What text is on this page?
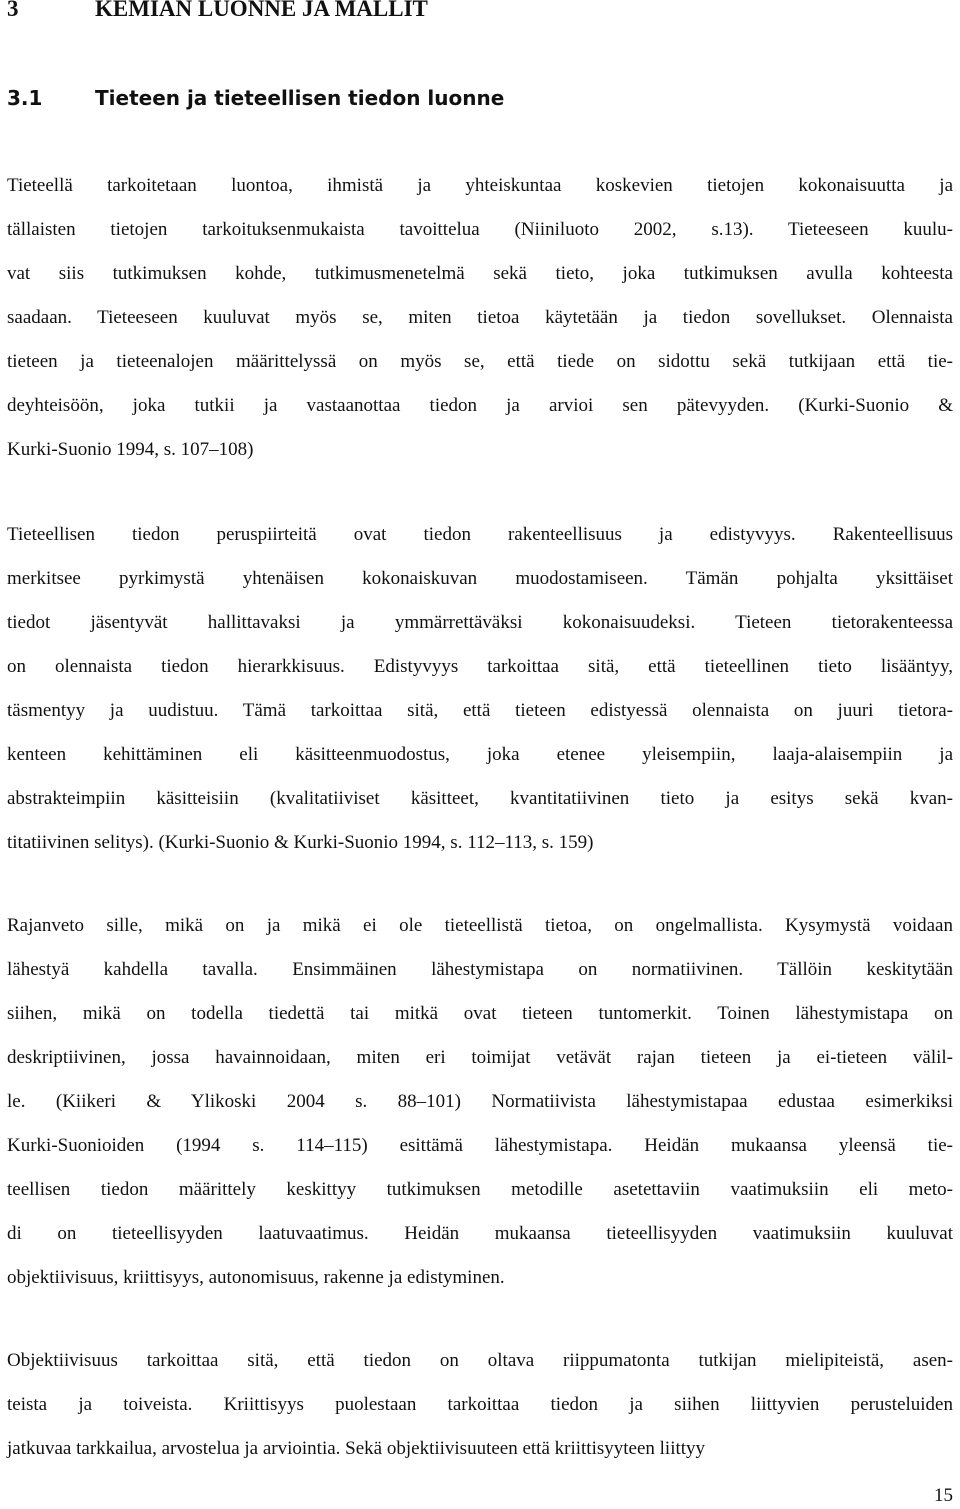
3	KEMIAN LUONNE JA MALLIT
3.1	Tieteen ja tieteellisen tiedon luonne
Tieteellä tarkoitetaan luontoa, ihmistä ja yhteiskuntaa koskevien tietojen kokonaisuutta ja
tällaisten tietojen tarkoituksenmukaista tavoittelua (Niiniluoto 2002, s.13). Tieteeseen kuulu-
vat siis tutkimuksen kohde, tutkimusmenetelmä sekä tieto, joka tutkimuksen avulla kohteesta
saadaan. Tieteeseen kuuluvat myös se, miten tietoa käytetään ja tiedon sovellukset. Olennaista
tieteen ja tieteenalojen määrittelyssä on myös se, että tiede on sidottu sekä tutkijaan että tie-
deyhteisöön, joka tutkii ja vastaanottaa tiedon ja arvioi sen pätevyyden. (Kurki-Suonio &
Kurki-Suonio 1994, s. 107–108)
Tieteellisen tiedon peruspiirteitä ovat tiedon rakenteellisuus ja edistyvyys. Rakenteellisuus
merkitsee pyrkimystä yhtenäisen kokonaiskuvan muodostamiseen. Tämän pohjalta yksittäiset
tiedot jäsentyvät hallittavaksi ja ymmärrettäväksi kokonaisuudeksi. Tieteen tietorakenteessa
on olennaista tiedon hierarkkisuus. Edistyvyys tarkoittaa sitä, että tieteellinen tieto lisääntyy,
täsmentyy ja uudistuu. Tämä tarkoittaa sitä, että tieteen edistyessä olennaista on juuri tietora-
kenteen kehittäminen eli käsitteenmuodostus, joka etenee yleisempiin, laaja-alaisempiin ja
abstrakteimpiin käsitteisiin (kvalitatiiviset käsitteet, kvantitatiivinen tieto ja esitys sekä kvan-
titatiivinen selitys). (Kurki-Suonio & Kurki-Suonio 1994, s. 112–113, s. 159)
Rajanveto sille, mikä on ja mikä ei ole tieteellistä tietoa, on ongelmallista. Kysymystä voidaan
lähestyä kahdella tavalla. Ensimmäinen lähestymistapa on normatiivinen. Tällöin keskitytään
siihen, mikä on todella tiedettä tai mitkä ovat tieteen tuntomerkit. Toinen lähestymistapa on
deskriptiivinen, jossa havainnoidaan, miten eri toimijat vetävät rajan tieteen ja ei-tieteen välil-
le. (Kiikeri & Ylikoski 2004 s. 88–101) Normatiivista lähestymistapaa edustaa esimerkiksi
Kurki-Suonioiden (1994 s. 114–115) esittämä lähestymistapa. Heidän mukaansa yleensä tie-
teellisen tiedon määrittely keskittyy tutkimuksen metodille asetettaviin vaatimuksiin eli meto-
di on tieteellisyyden laatuvaatimus. Heidän mukaansa tieteellisyyden vaatimuksiin kuuluvat
objektiivisuus, kriittisyys, autonomisuus, rakenne ja edistyminen.
Objektiivisuus tarkoittaa sitä, että tiedon on oltava riippumatonta tutkijan mielipiteistä, asen-
teista ja toiveista. Kriittisyys puolestaan tarkoittaa tiedon ja siihen liittyvien perusteluiden
jatkuvaa tarkkailua, arvostelua ja arviointia. Sekä objektiivisuuteen että kriittisyyteen liittyy
15
